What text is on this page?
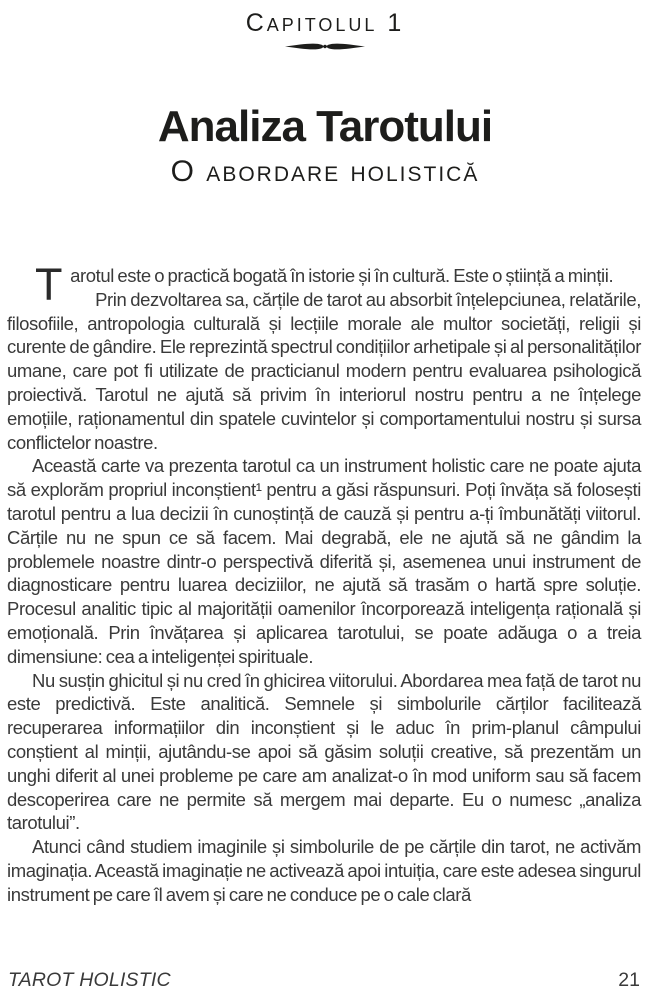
Capitolul 1
Analiza Tarotului
O abordare holistică

Tarotul este o practică bogată în istorie și în cultură. Este o știință a minții.

Prin dezvoltarea sa, cărțile de tarot au absorbit înțelepciunea, relatările, filosofiile, antropologia culturală și lecțiile morale ale multor societăți, religii și curente de gândire. Ele reprezintă spectrul condițiilor arhetipale și al personalităților umane, care pot fi utilizate de practicianul modern pentru evaluarea psihologică proiectivă. Tarotul ne ajută să privim în interiorul nostru pentru a ne înțelege emoțiile, raționamentul din spatele cuvintelor și comportamentului nostru și sursa conflictelor noastre.

Această carte va prezenta tarotul ca un instrument holistic care ne poate ajuta să explorăm propriul inconștient¹ pentru a găsi răspunsuri. Poți învăța să folosești tarotul pentru a lua decizii în cunoștință de cauză și pentru a-ți îmbunătăți viitorul. Cărțile nu ne spun ce să facem. Mai degrabă, ele ne ajută să ne gândim la problemele noastre dintr-o perspectivă diferită și, asemenea unui instrument de diagnosticare pentru luarea deciziilor, ne ajută să trasăm o hartă spre soluție. Procesul analitic tipic al majorității oamenilor încorporează inteligența rațională și emoțională. Prin învățarea și aplicarea tarotului, se poate adăuga o a treia dimensiune: cea a inteligenței spirituale.

Nu susțin ghicitul și nu cred în ghicirea viitorului. Abordarea mea față de tarot nu este predictivă. Este analitică. Semnele și simbolurile cărților facilitează recuperarea informațiilor din inconștient și le aduc în prim-planul câmpului conștient al minții, ajutându-se apoi să găsim soluții creative, să prezentăm un unghi diferit al unei probleme pe care am analizat-o în mod uniform sau să facem descoperirea care ne permite să mergem mai departe. Eu o numesc „analiza tarotului”.

Atunci când studiem imaginile și simbolurile de pe cărțile din tarot, ne activăm imaginația. Această imaginație ne activează apoi intuiția, care este adesea singurul instrument pe care îl avem și care ne conduce pe o cale clară

TAROT HOLISTIC	21
